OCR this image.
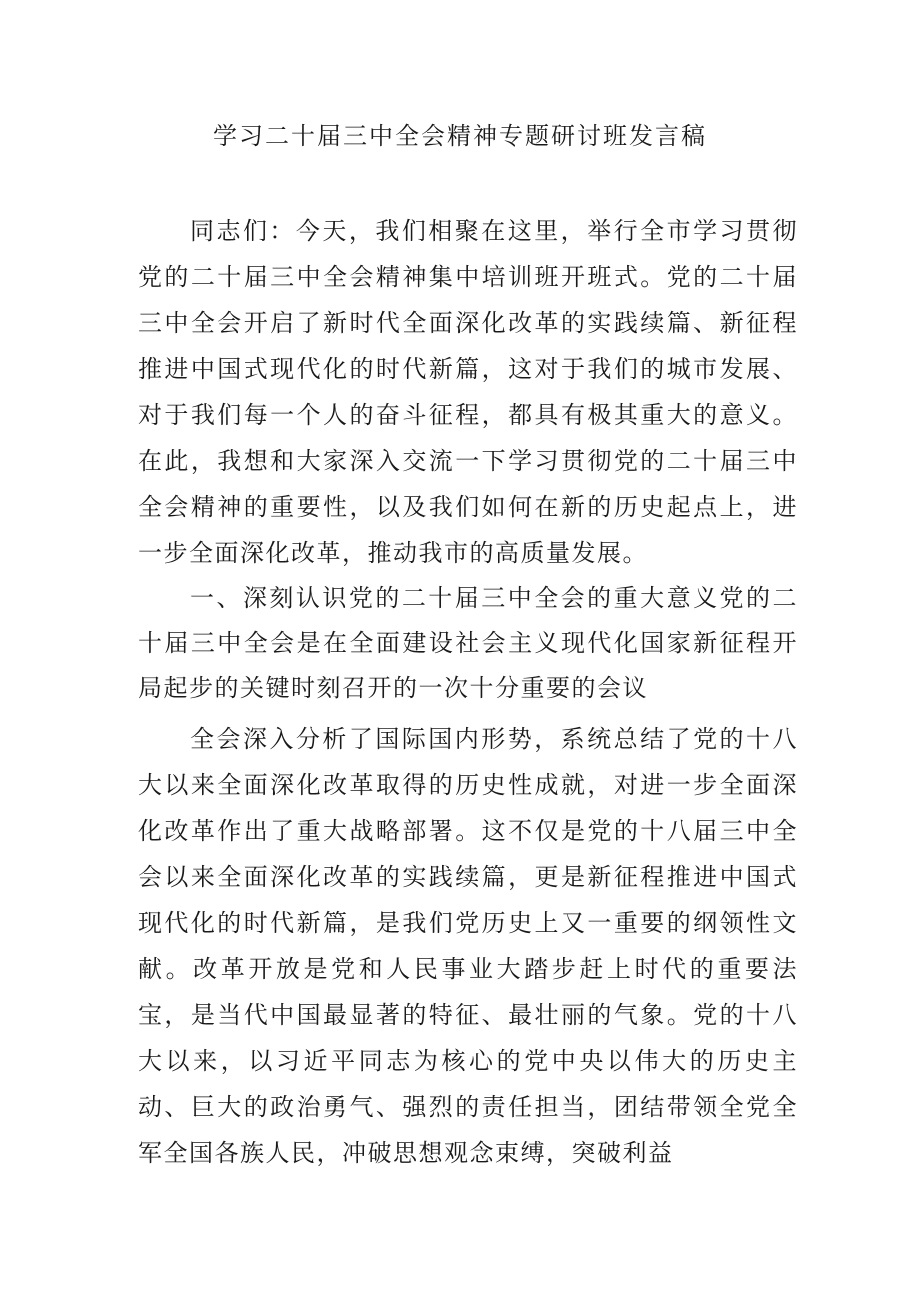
学习二十届三中全会精神专题研讨班发言稿

同志们：今天，我们相聚在这里，举行全市学习贯彻党的二十届三中全会精神集中培训班开班式。党的二十届三中全会开启了新时代全面深化改革的实践续篇、新征程推进中国式现代化的时代新篇，这对于我们的城市发展、对于我们每一个人的奋斗征程，都具有极其重大的意义。在此，我想和大家深入交流一下学习贯彻党的二十届三中全会精神的重要性，以及我们如何在新的历史起点上，进一步全面深化改革，推动我市的高质量发展。

一、深刻认识党的二十届三中全会的重大意义党的二十届三中全会是在全面建设社会主义现代化国家新征程开局起步的关键时刻召开的一次十分重要的会议

全会深入分析了国际国内形势，系统总结了党的十八大以来全面深化改革取得的历史性成就，对进一步全面深化改革作出了重大战略部署。这不仅是党的十八届三中全会以来全面深化改革的实践续篇，更是新征程推进中国式现代化的时代新篇，是我们党历史上又一重要的纲领性文献。改革开放是党和人民事业大踏步赶上时代的重要法宝，是当代中国最显著的特征、最壮丽的气象。党的十八大以来，以习近平同志为核心的党中央以伟大的历史主动、巨大的政治勇气、强烈的责任担当，团结带领全党全军全国各族人民，冲破思想观念束缚，突破利益
